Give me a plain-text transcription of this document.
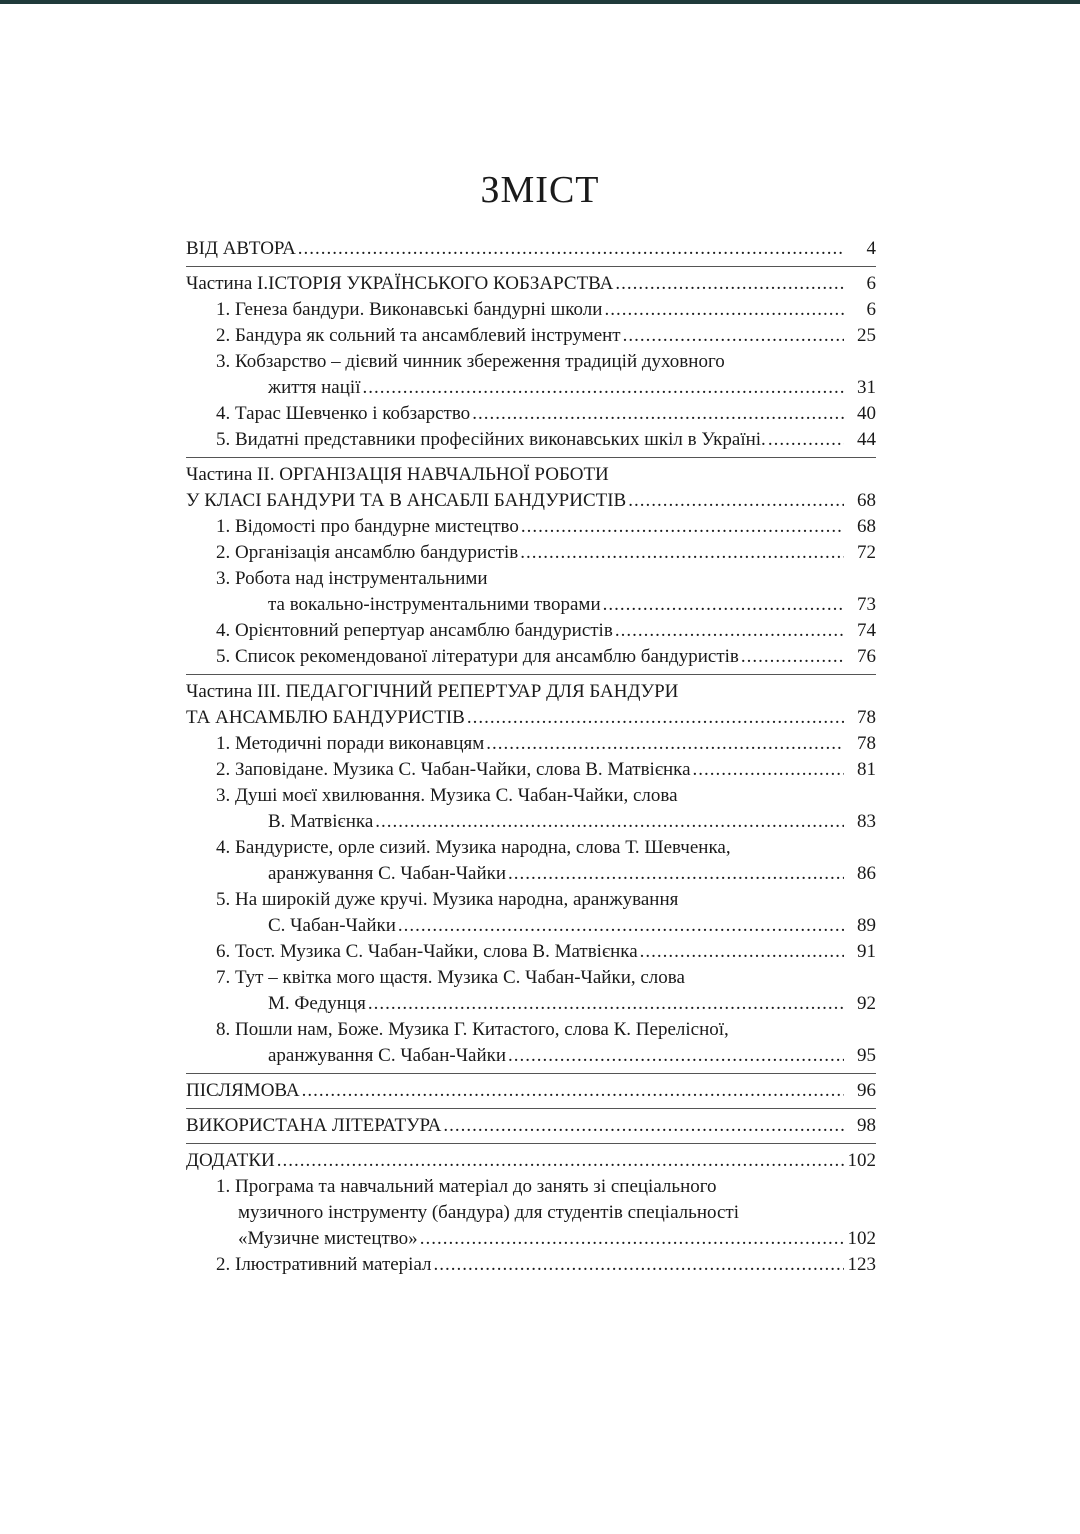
ЗМІСТ
ВІД АВТОРА .....	4
Частина І.ІСТОРІЯ УКРАЇНСЬКОГО КОБЗАРСТВА .....	6
1. Генеза бандури. Виконавські бандурні школи .....	6
2. Бандура як сольний та ансамблевий інструмент .....	25
3. Кобзарство – дієвий чинник збереження традицій духовного
життя нації .....	31
4. Тарас Шевченко і кобзарство .....	40
5. Видатні представники професійних виконавських шкіл в Україні. .....	44
Частина ІІ. ОРГАНІЗАЦІЯ НАВЧАЛЬНОЇ РОБОТИ
У КЛАСІ БАНДУРИ ТА В АНСАБЛІ БАНДУРИСТІВ .....	68
1. Відомості про бандурне мистецтво .....	68
2. Організація ансамблю бандуристів .....	72
3. Робота над інструментальними
та вокально-інструментальними творами .....	73
4. Орієнтовний репертуар ансамблю бандуристів .....	74
5. Список рекомендованої літератури для ансамблю бандуристів .....	76
Частина ІІІ. ПЕДАГОГІЧНИЙ РЕПЕРТУАР ДЛЯ БАНДУРИ
ТА АНСАМБЛЮ БАНДУРИСТІВ .....	78
1. Методичні поради виконавцям .....	78
2. Заповідане. Музика С. Чабан-Чайки, слова В. Матвієнка .....	81
3. Душі моєї хвилювання. Музика С. Чабан-Чайки, слова
В. Матвієнка .....	83
4. Бандуристе, орле сизий. Музика народна, слова Т. Шевченка,
аранжування С. Чабан-Чайки .....	86
5. На широкій дуже кручі. Музика народна, аранжування
С. Чабан-Чайки .....	89
6. Тост. Музика С. Чабан-Чайки, слова В. Матвієнка .....	91
7. Тут – квітка мого щастя. Музика С. Чабан-Чайки, слова
М. Федунця .....	92
8. Пошли нам, Боже. Музика Г. Китастого, слова К. Перелісної,
аранжування С. Чабан-Чайки .....	95
ПІСЛЯМОВА .....	96
ВИКОРИСТАНА ЛІТЕРАТУРА .....	98
ДОДАТКИ .....	102
1. Програма та навчальний матеріал до занять зі спеціального
музичного інструменту (бандура) для студентів спеціальності
«Музичне мистецтво» .....	102
2. Ілюстративний матеріал .....	123
